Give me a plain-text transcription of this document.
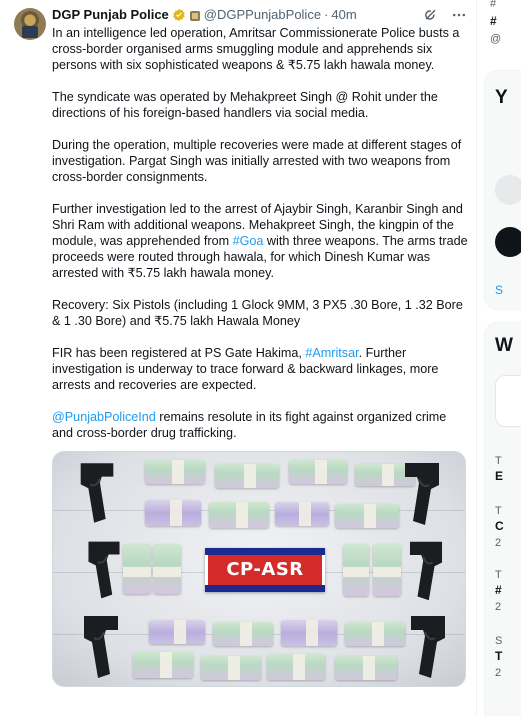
DGP Punjab Police	@DGPPunjabPolice · 40m

In an intelligence led operation, Amritsar Commissionerate Police busts a cross-border organised arms smuggling module and apprehends six persons with six sophisticated weapons & ₹5.75 lakh hawala money.

The syndicate was operated by Mehakpreet Singh @ Rohit under the directions of his foreign-based handlers via social media.

During the operation, multiple recoveries were made at different stages of investigation. Pargat Singh was initially arrested with two weapons from cross-border consignments.

Further investigation led to the arrest of Ajaybir Singh, Karanbir Singh and Shri Ram with additional weapons. Mehakpreet Singh, the kingpin of the module, was apprehended from #Goa with three weapons. The arms trade proceeds were routed through hawala, for which Dinesh Kumar was arrested with ₹5.75 lakh hawala money.

Recovery: Six Pistols (including 1 Glock 9MM, 3 PX5 .30 Bore, 1 .32 Bore & 1 .30 Bore) and ₹5.75 lakh Hawala Money

FIR has been registered at PS Gate Hakima, #Amritsar. Further investigation is underway to trace forward & backward linkages, more arrests and recoveries are expected.

@PunjabPoliceInd remains resolute in its fight against organized crime and cross-border drug trafficking.

CP-ASR
#
#
@
Y
S
W
T
E
T
C
2
T
#
2
S
T
2
